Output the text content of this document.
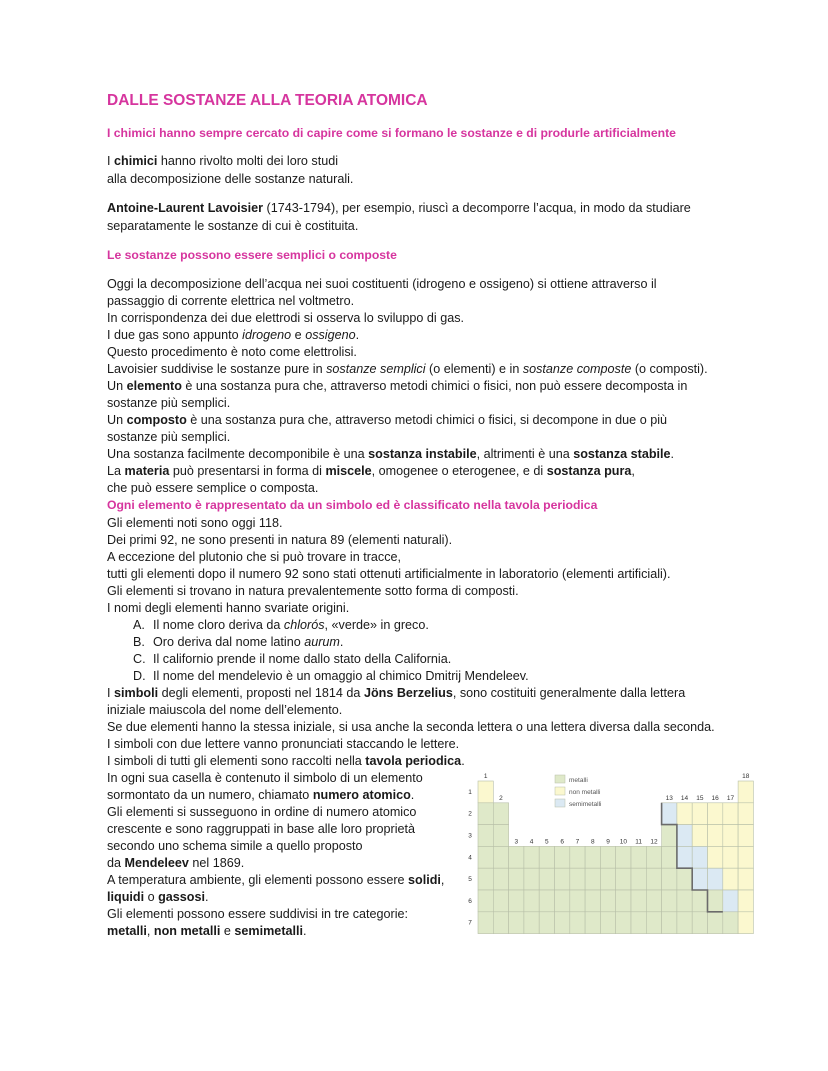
DALLE SOSTANZE ALLA TEORIA ATOMICA
I chimici hanno sempre cercato di capire come si formano le sostanze e di produrle artificialmente
I chimici hanno rivolto molti dei loro studi
alla decomposizione delle sostanze naturali.
Antoine-Laurent Lavoisier (1743-1794), per esempio, riuscì a decomporre l’acqua, in modo da studiare
separatamente le sostanze di cui è costituita.
Le sostanze possono essere semplici o composte
Oggi la decomposizione dell’acqua nei suoi costituenti (idrogeno e ossigeno) si ottiene attraverso il
passaggio di corrente elettrica nel voltmetro.
In corrispondenza dei due elettrodi si osserva lo sviluppo di gas.
I due gas sono appunto idrogeno e ossigeno.
Questo procedimento è noto come elettrolisi.
Lavoisier suddivise le sostanze pure in sostanze semplici (o elementi) e in sostanze composte (o composti).
Un elemento è una sostanza pura che, attraverso metodi chimici o fisici, non può essere decomposta in
sostanze più semplici.
Un composto è una sostanza pura che, attraverso metodi chimici o fisici, si decompone in due o più
sostanze più semplici.
Una sostanza facilmente decomponibile è una sostanza instabile, altrimenti è una sostanza stabile.
La materia può presentarsi in forma di miscele, omogenee o eterogenee, e di sostanza pura,
che può essere semplice o composta.
Ogni elemento è rappresentato da un simbolo ed è classificato nella tavola periodica
Gli elementi noti sono oggi 118.
Dei primi 92, ne sono presenti in natura 89 (elementi naturali).
A eccezione del plutonio che si può trovare in tracce,
tutti gli elementi dopo il numero 92 sono stati ottenuti artificialmente in laboratorio (elementi artificiali).
Gli elementi si trovano in natura prevalentemente sotto forma di composti.
I nomi degli elementi hanno svariate origini.
A. Il nome cloro deriva da chlorós, «verde» in greco.
B. Oro deriva dal nome latino aurum.
C. Il californio prende il nome dallo stato della California.
D. Il nome del mendelevio è un omaggio al chimico Dmitrij Mendeleev.
I simboli degli elementi, proposti nel 1814 da Jöns Berzelius, sono costituiti generalmente dalla lettera
iniziale maiuscola del nome dell’elemento.
Se due elementi hanno la stessa iniziale, si usa anche la seconda lettera o una lettera diversa dalla seconda.
I simboli con due lettere vanno pronunciati staccando le lettere.
I simboli di tutti gli elementi sono raccolti nella tavola periodica.
In ogni sua casella è contenuto il simbolo di un elemento
sormontato da un numero, chiamato numero atomico.
Gli elementi si susseguono in ordine di numero atomico
crescente e sono raggruppati in base alle loro proprietà
secondo uno schema simile a quello proposto
da Mendeleev nel 1869.
A temperatura ambiente, gli elementi possono essere solidi,
liquidi o gassosi.
Gli elementi possono essere suddivisi in tre categorie:
metalli, non metalli e semimetalli.
1
2
3 4 5 6 7 8 9 10 11 12
13 14 15 16 17
18
1
2
3
4
5
6
7
metalli
non metalli
semimetalli
